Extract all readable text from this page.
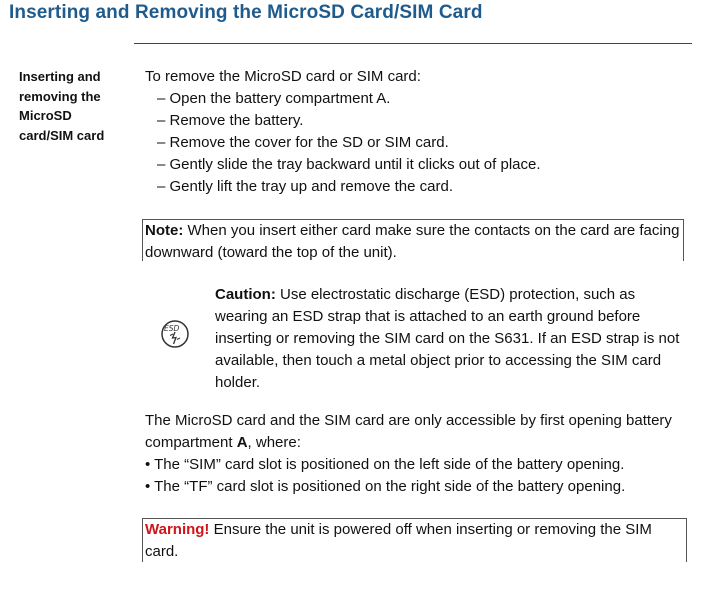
Inserting and Removing the MicroSD Card/SIM Card
Inserting and removing the MicroSD card/SIM card
To remove the MicroSD card or SIM card:
– Open the battery compartment A.
– Remove the battery.
– Remove the cover for the SD or SIM card.
– Gently slide the tray backward until it clicks out of place.
– Gently lift the tray up and remove the card.
Note: When you insert either card make sure the contacts on the card are facing downward (toward the top of the unit).
ESD
Caution: Use electrostatic discharge (ESD) protection, such as wearing an ESD strap that is attached to an earth ground before inserting or removing the SIM card on the S631. If an ESD strap is not available, then touch a metal object prior to accessing the SIM card holder.
The MicroSD card and the SIM card are only accessible by first opening battery compartment A, where:
• The “SIM” card slot is positioned on the left side of the battery opening.
• The “TF” card slot is positioned on the right side of the battery opening.
Warning! Ensure the unit is powered off when inserting or removing the SIM card.
